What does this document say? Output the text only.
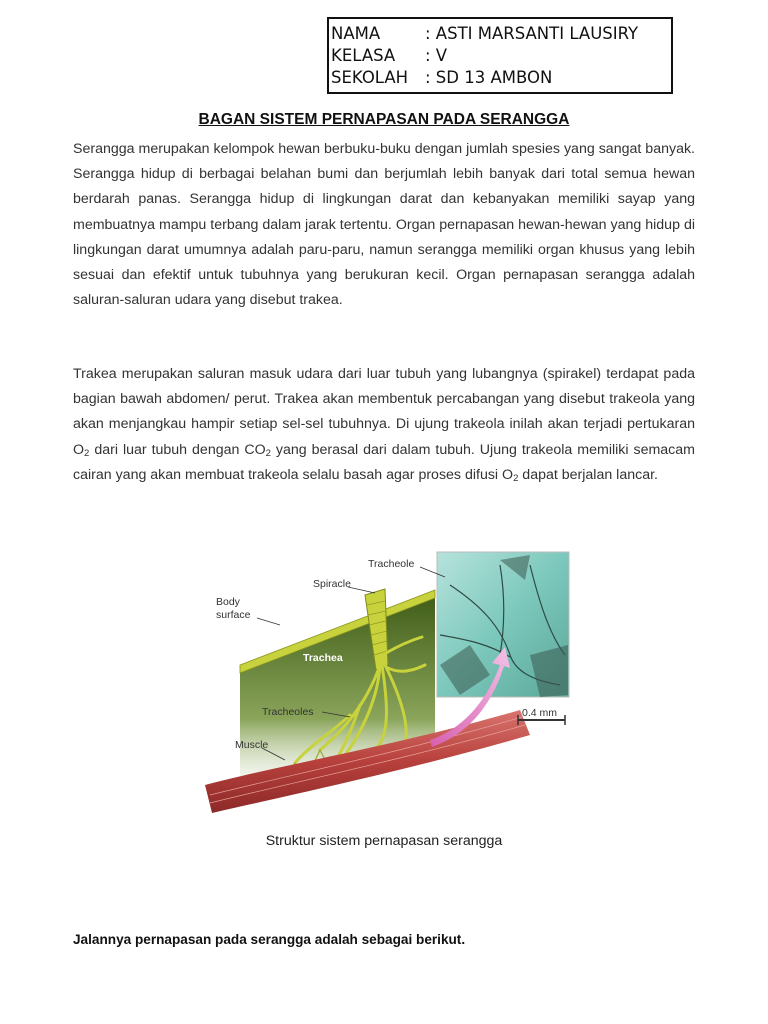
NAMA	: ASTI MARSANTI LAUSIRY
KELASA	: V
SEKOLAH	: SD 13 AMBON
BAGAN SISTEM PERNAPASAN PADA SERANGGA
Serangga merupakan kelompok hewan berbuku-buku dengan jumlah spesies yang sangat banyak. Serangga hidup di berbagai belahan bumi dan berjumlah lebih banyak dari total semua hewan berdarah panas. Serangga hidup di lingkungan darat dan kebanyakan memiliki sayap yang membuatnya mampu terbang dalam jarak tertentu. Organ pernapasan hewan-hewan yang hidup di lingkungan darat umumnya adalah paru-paru, namun serangga memiliki organ khusus yang lebih sesuai dan efektif untuk tubuhnya yang berukuran kecil. Organ pernapasan serangga adalah saluran-saluran udara yang disebut trakea.
Trakea merupakan saluran masuk udara dari luar tubuh yang lubangnya (spirakel) terdapat pada bagian bawah abdomen/ perut. Trakea akan membentuk percabangan yang disebut trakeola yang akan menjangkau hampir setiap sel-sel tubuhnya. Di ujung trakeola inilah akan terjadi pertukaran $O_2$ dari luar tubuh dengan $CO_2$ yang berasal dari dalam tubuh. Ujung trakeola memiliki semacam cairan yang akan membuat trakeola selalu basah agar proses difusi $O_2$ dapat berjalan lancar.
Tracheole
Spiracle
Body
surface
Trachea
Tracheoles
Muscle
0.4 mm
Struktur sistem pernapasan serangga
Jalannya pernapasan pada serangga adalah sebagai berikut.
